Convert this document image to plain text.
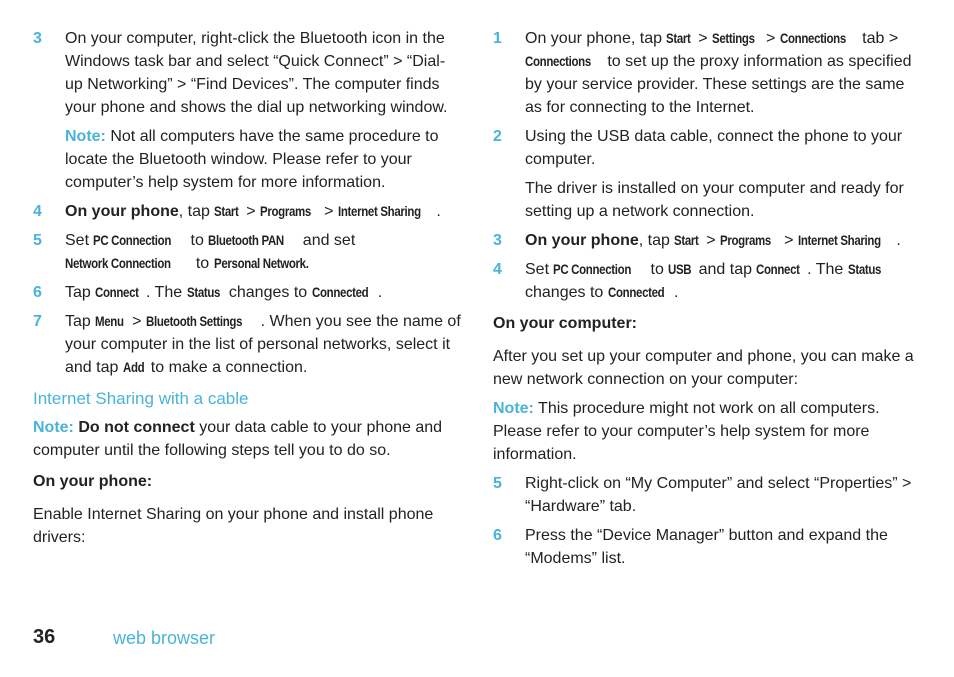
3 On your computer, right-click the Bluetooth icon in the Windows task bar and select “Quick Connect” > “Dial-up Networking” > “Find Devices”. The computer finds your phone and shows the dial up networking window.
Note: Not all computers have the same procedure to locate the Bluetooth window. Please refer to your computer’s help system for more information.
4 On your phone, tap Start > Programs > Internet Sharing .
5 Set PC Connection to Bluetooth PAN and set Network Connection to Personal Network.
6 Tap Connect . The Status changes to Connected .
7 Tap Menu > Bluetooth Settings . When you see the name of your computer in the list of personal networks, select it and tap Add to make a connection.
Internet Sharing with a cable
Note: Do not connect your data cable to your phone and computer until the following steps tell you to do so.
On your phone:
Enable Internet Sharing on your phone and install phone drivers:
1 On your phone, tap Start > Settings > Connections tab > Connections to set up the proxy information as specified by your service provider. These settings are the same as for connecting to the Internet.
2 Using the USB data cable, connect the phone to your computer.
The driver is installed on your computer and ready for setting up a network connection.
3 On your phone, tap Start > Programs > Internet Sharing .
4 Set PC Connection to USB and tap Connect . The Status changes to Connected .
On your computer:
After you set up your computer and phone, you can make a new network connection on your computer:
Note: This procedure might not work on all computers. Please refer to your computer’s help system for more information.
5 Right-click on “My Computer” and select “Properties” > “Hardware” tab.
6 Press the “Device Manager” button and expand the “Modems” list.
36	web browser
